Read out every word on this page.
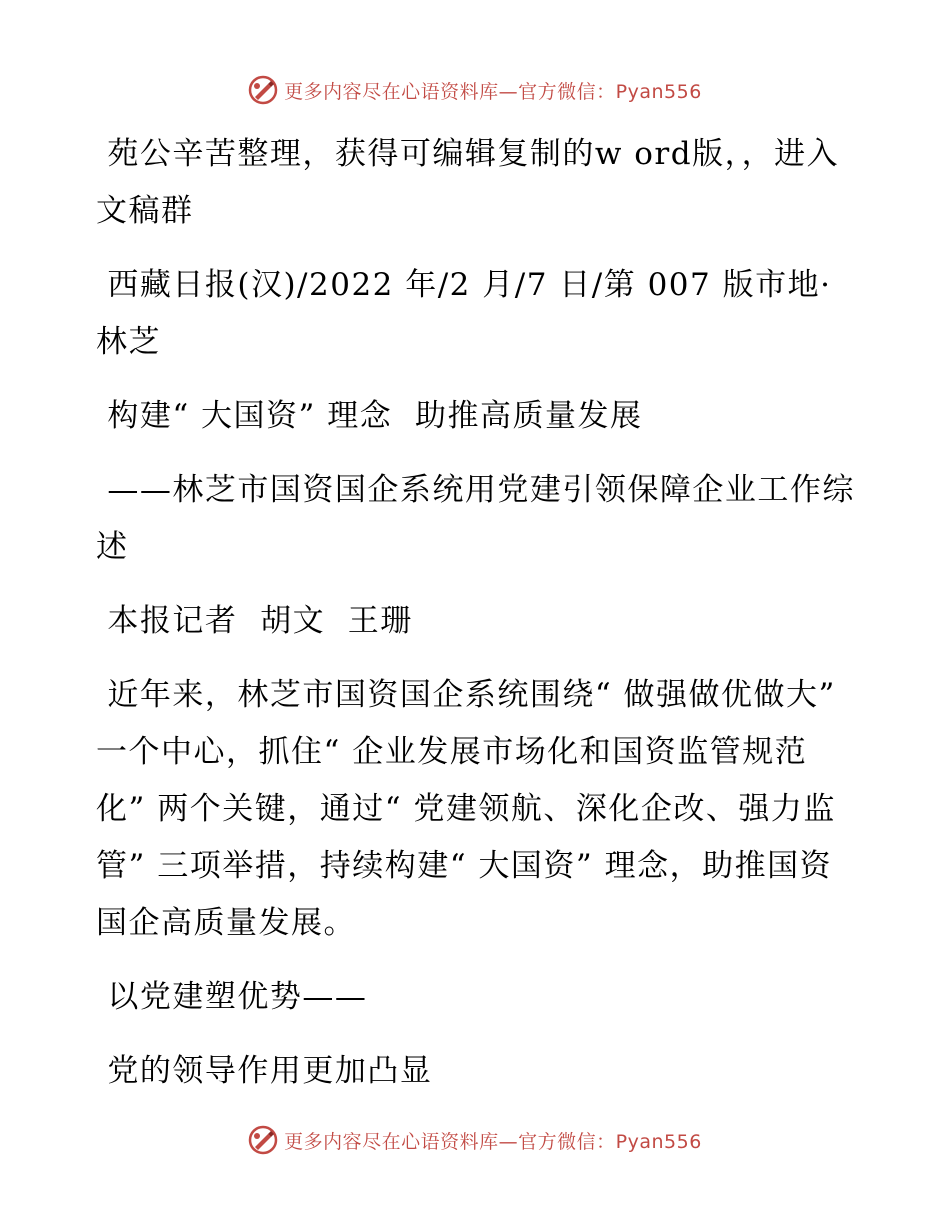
更多内容尽在心语资料库—官方微信：Pyan556

苑公辛苦整理，获得可编辑复制的w ord版，，进入文稿群

西藏日报(汉)/2022 年/2 月/7 日/第 007 版市地· 林芝

构建“ 大国资” 理念  助推高质量发展

——林芝市国资国企系统用党建引领保障企业工作综述

本报记者  胡文  王珊

近年来，林芝市国资国企系统围绕“ 做强做优做大” 一个中心，抓住“ 企业发展市场化和国资监管规范化” 两个关键，通过“ 党建领航、深化企改、强力监管” 三项举措，持续构建“ 大国资” 理念，助推国资国企高质量发展。

以党建塑优势——

党的领导作用更加凸显

更多内容尽在心语资料库—官方微信：Pyan556
